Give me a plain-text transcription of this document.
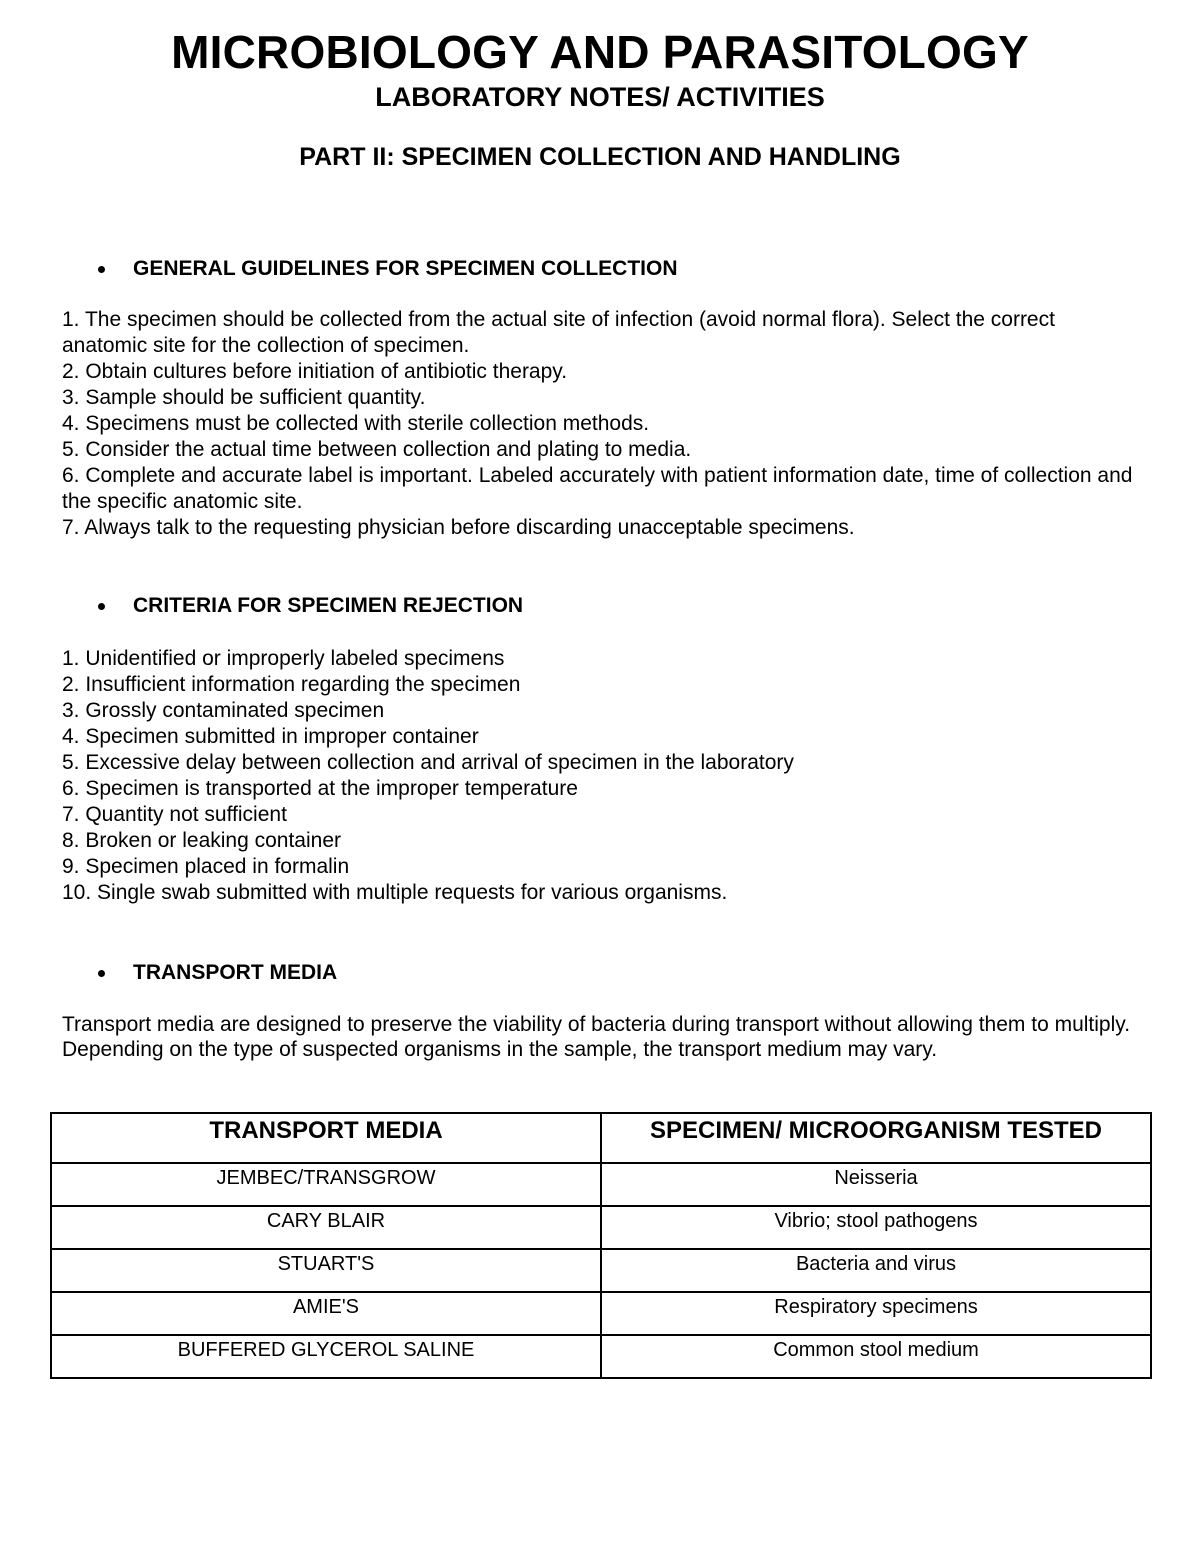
MICROBIOLOGY AND PARASITOLOGY
LABORATORY NOTES/ ACTIVITIES
PART II: SPECIMEN COLLECTION AND HANDLING
GENERAL GUIDELINES FOR SPECIMEN COLLECTION
1. The specimen should be collected from the actual site of infection (avoid normal flora). Select the correct anatomic site for the collection of specimen.
2. Obtain cultures before initiation of antibiotic therapy.
3. Sample should be sufficient quantity.
4. Specimens must be collected with sterile collection methods.
5. Consider the actual time between collection and plating to media.
6. Complete and accurate label is important. Labeled accurately with patient information date, time of collection and the specific anatomic site.
7. Always talk to the requesting physician before discarding unacceptable specimens.
CRITERIA FOR SPECIMEN REJECTION
1. Unidentified or improperly labeled specimens
2. Insufficient information regarding the specimen
3. Grossly contaminated specimen
4. Specimen submitted in improper container
5. Excessive delay between collection and arrival of specimen in the laboratory
6. Specimen is transported at the improper temperature
7. Quantity not sufficient
8. Broken or leaking container
9. Specimen placed in formalin
10. Single swab submitted with multiple requests for various organisms.
TRANSPORT MEDIA

Transport media are designed to preserve the viability of bacteria during transport without allowing them to multiply. Depending on the type of suspected organisms in the sample, the transport medium may vary.

TRANSPORT MEDIA	SPECIMEN/ MICROORGANISM TESTED
JEMBEC/TRANSGROW	Neisseria
CARY BLAIR	Vibrio; stool pathogens
STUART'S	Bacteria and virus
AMIE'S	Respiratory specimens
BUFFERED GLYCEROL SALINE	Common stool medium
